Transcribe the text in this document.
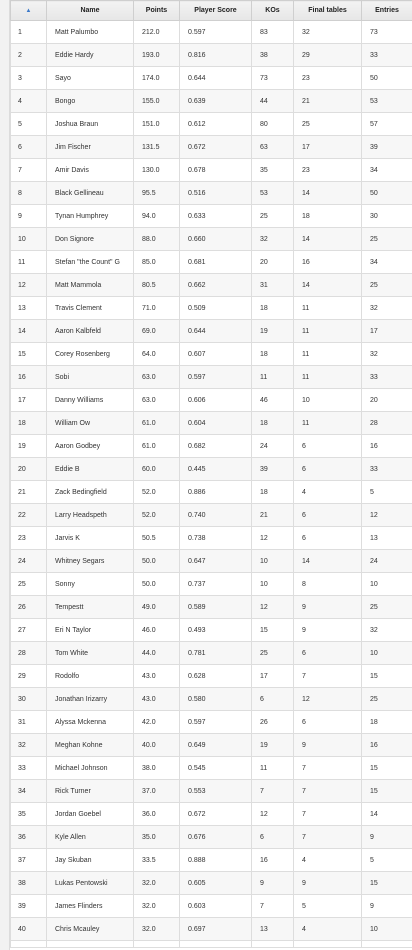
▲	Name	Points	Player Score	KOs	Final tables	Entries
1	Matt Palumbo	212.0	0.597	83	32	73
2	Eddie Hardy	193.0	0.816	38	29	33
3	Sayo	174.0	0.644	73	23	50
4	Bongo	155.0	0.639	44	21	53
5	Joshua Braun	151.0	0.612	80	25	57
6	Jim Fischer	131.5	0.672	63	17	39
7	Amir Davis	130.0	0.678	35	23	34
8	Black Gellineau	95.5	0.516	53	14	50
9	Tynan Humphrey	94.0	0.633	25	18	30
10	Don Signore	88.0	0.660	32	14	25
11	Stefan "the Count" G	85.0	0.681	20	16	34
12	Matt Mammola	80.5	0.662	31	14	25
13	Travis Clement	71.0	0.509	18	11	32
14	Aaron Kalbfeld	69.0	0.644	19	11	17
15	Corey Rosenberg	64.0	0.607	18	11	32
16	Sobi	63.0	0.597	11	11	33
17	Danny Williams	63.0	0.606	46	10	20
18	William Ow	61.0	0.604	18	11	28
19	Aaron Godbey	61.0	0.682	24	6	16
20	Eddie B	60.0	0.445	39	6	33
21	Zack Bedingfield	52.0	0.886	18	4	5
22	Larry Headspeth	52.0	0.740	21	6	12
23	Jarvis K	50.5	0.738	12	6	13
24	Whitney Segars	50.0	0.647	10	14	24
25	Sonny	50.0	0.737	10	8	10
26	Tempestt	49.0	0.589	12	9	25
27	Eri N Taylor	46.0	0.493	15	9	32
28	Tom White	44.0	0.781	25	6	10
29	Rodolfo	43.0	0.628	17	7	15
30	Jonathan Irizarry	43.0	0.580	6	12	25
31	Alyssa Mckenna	42.0	0.597	26	6	18
32	Meghan Kohne	40.0	0.649	19	9	16
33	Michael Johnson	38.0	0.545	11	7	15
34	Rick Turner	37.0	0.553	7	7	15
35	Jordan Goebel	36.0	0.672	12	7	14
36	Kyle Allen	35.0	0.676	6	7	9
37	Jay Skuban	33.5	0.888	16	4	5
38	Lukas Pentowski	32.0	0.605	9	9	15
39	James Flinders	32.0	0.603	7	5	9
40	Chris Mcauley	32.0	0.697	13	4	10
